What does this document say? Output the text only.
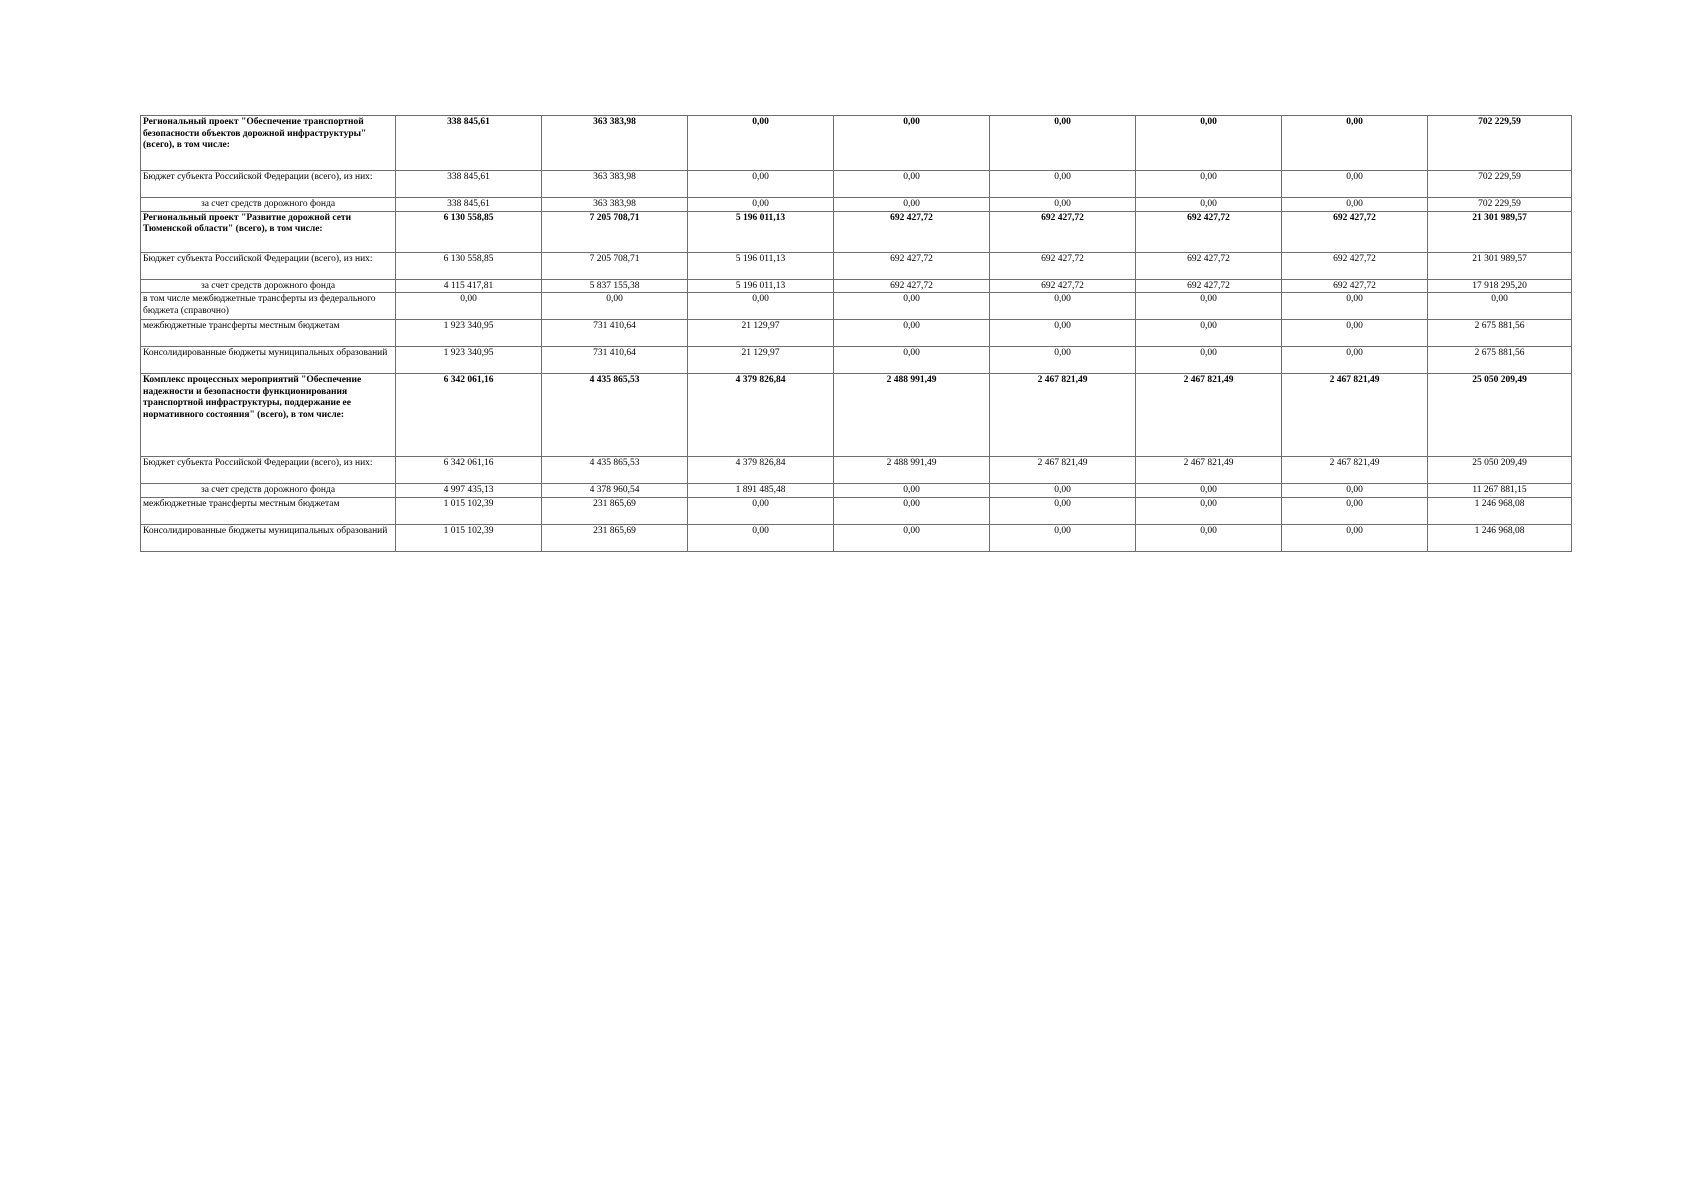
Региональный проект "Обеспечение транспортной безопасности объектов дорожной инфраструктуры" (всего), в том числе:	338 845,61	363 383,98	0,00	0,00	0,00	0,00	0,00	702 229,59
Бюджет субъекта Российской Федерации (всего), из них:	338 845,61	363 383,98	0,00	0,00	0,00	0,00	0,00	702 229,59
за счет средств дорожного фонда	338 845,61	363 383,98	0,00	0,00	0,00	0,00	0,00	702 229,59
Региональный проект "Развитие дорожной сети Тюменской области" (всего), в том числе:	6 130 558,85	7 205 708,71	5 196 011,13	692 427,72	692 427,72	692 427,72	692 427,72	21 301 989,57
Бюджет субъекта Российской Федерации (всего), из них:	6 130 558,85	7 205 708,71	5 196 011,13	692 427,72	692 427,72	692 427,72	692 427,72	21 301 989,57
за счет средств дорожного фонда	4 115 417,81	5 837 155,38	5 196 011,13	692 427,72	692 427,72	692 427,72	692 427,72	17 918 295,20
в том числе межбюджетные трансферты из федерального бюджета (справочно)	0,00	0,00	0,00	0,00	0,00	0,00	0,00	0,00
межбюджетные трансферты местным бюджетам	1 923 340,95	731 410,64	21 129,97	0,00	0,00	0,00	0,00	2 675 881,56
Консолидированные бюджеты муниципальных образований	1 923 340,95	731 410,64	21 129,97	0,00	0,00	0,00	0,00	2 675 881,56
Комплекс процессных мероприятий "Обеспечение надежности и безопасности функционирования транспортной инфраструктуры, поддержание ее нормативного состояния" (всего), в том числе:	6 342 061,16	4 435 865,53	4 379 826,84	2 488 991,49	2 467 821,49	2 467 821,49	2 467 821,49	25 050 209,49
Бюджет субъекта Российской Федерации (всего), из них:	6 342 061,16	4 435 865,53	4 379 826,84	2 488 991,49	2 467 821,49	2 467 821,49	2 467 821,49	25 050 209,49
за счет средств дорожного фонда	4 997 435,13	4 378 960,54	1 891 485,48	0,00	0,00	0,00	0,00	11 267 881,15
межбюджетные трансферты местным бюджетам	1 015 102,39	231 865,69	0,00	0,00	0,00	0,00	0,00	1 246 968,08
Консолидированные бюджеты муниципальных образований	1 015 102,39	231 865,69	0,00	0,00	0,00	0,00	0,00	1 246 968,08
